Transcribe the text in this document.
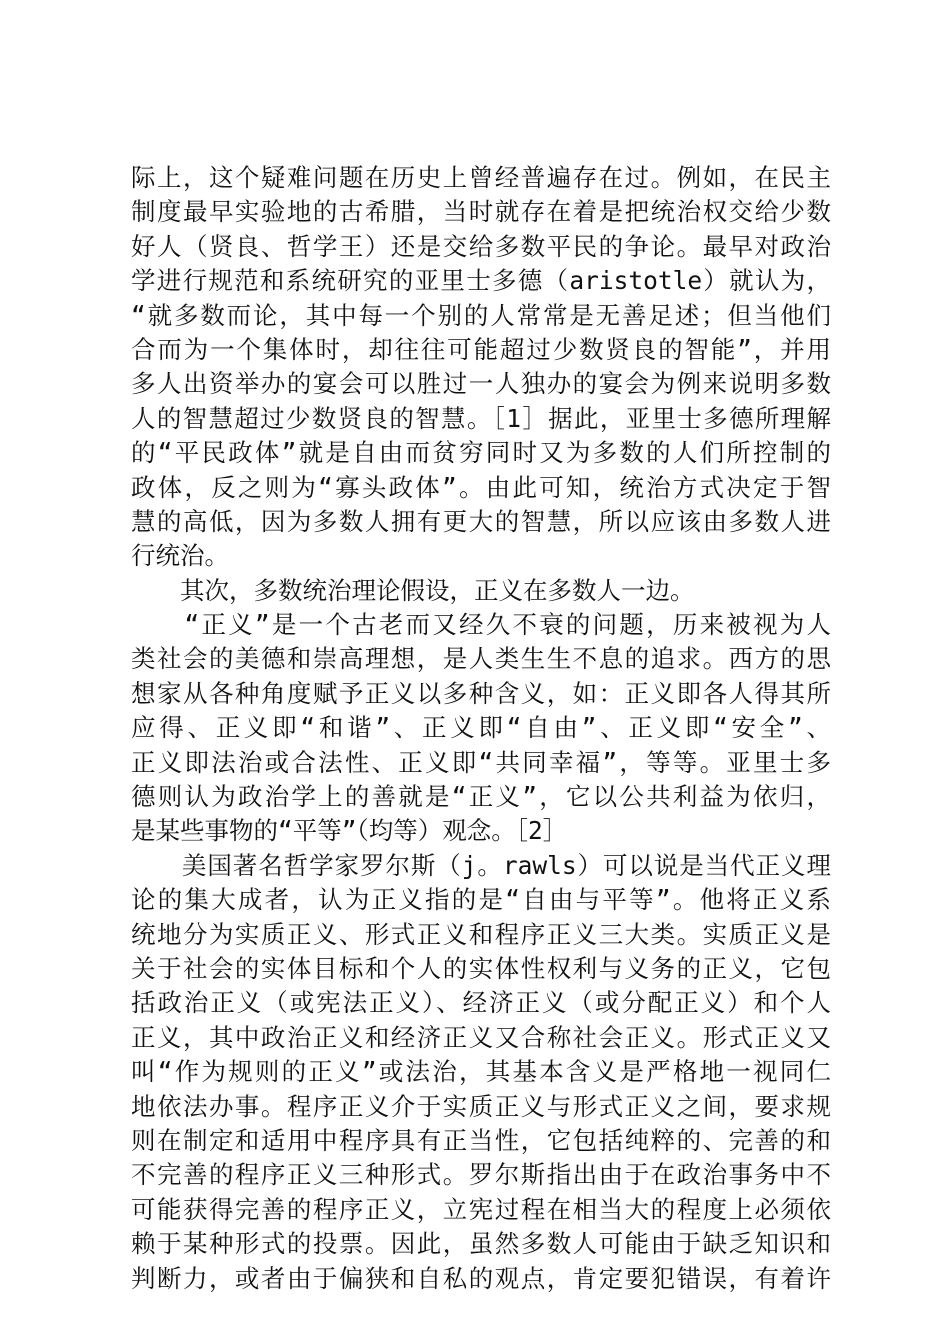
际上，这个疑难问题在历史上曾经普遍存在过。例如，在民主
制度最早实验地的古希腊，当时就存在着是把统治权交给少数
好人（贤良、哲学王）还是交给多数平民的争论。最早对政治
学进行规范和系统研究的亚里士多德（aristotle）就认为，
“就多数而论，其中每一个别的人常常是无善足述；但当他们
合而为一个集体时，却往往可能超过少数贤良的智能”，并用
多人出资举办的宴会可以胜过一人独办的宴会为例来说明多数
人的智慧超过少数贤良的智慧。［1］据此，亚里士多德所理解
的“平民政体”就是自由而贫穷同时又为多数的人们所控制的
政体，反之则为“寡头政体”。由此可知，统治方式决定于智
慧的高低，因为多数人拥有更大的智慧，所以应该由多数人进
行统治。
　　其次，多数统治理论假设，正义在多数人一边。
　　“正义”是一个古老而又经久不衰的问题，历来被视为人
类社会的美德和崇高理想，是人类生生不息的追求。西方的思
想家从各种角度赋予正义以多种含义，如：正义即各人得其所
应得、正义即“和谐”、正义即“自由”、正义即“安全”、
正义即法治或合法性、正义即“共同幸福”，等等。亚里士多
德则认为政治学上的善就是“正义”，它以公共利益为依归，
是某些事物的“平等”（均等）观念。［2］
　　美国著名哲学家罗尔斯（j。rawls）可以说是当代正义理
论的集大成者，认为正义指的是“自由与平等”。他将正义系
统地分为实质正义、形式正义和程序正义三大类。实质正义是
关于社会的实体目标和个人的实体性权利与义务的正义，它包
括政治正义（或宪法正义）、经济正义（或分配正义）和个人
正义，其中政治正义和经济正义又合称社会正义。形式正义又
叫“作为规则的正义”或法治，其基本含义是严格地一视同仁
地依法办事。程序正义介于实质正义与形式正义之间，要求规
则在制定和适用中程序具有正当性，它包括纯粹的、完善的和
不完善的程序正义三种形式。罗尔斯指出由于在政治事务中不
可能获得完善的程序正义，立宪过程在相当大的程度上必须依
赖于某种形式的投票。因此，虽然多数人可能由于缺乏知识和
判断力，或者由于偏狭和自私的观点，肯定要犯错误，有着许
